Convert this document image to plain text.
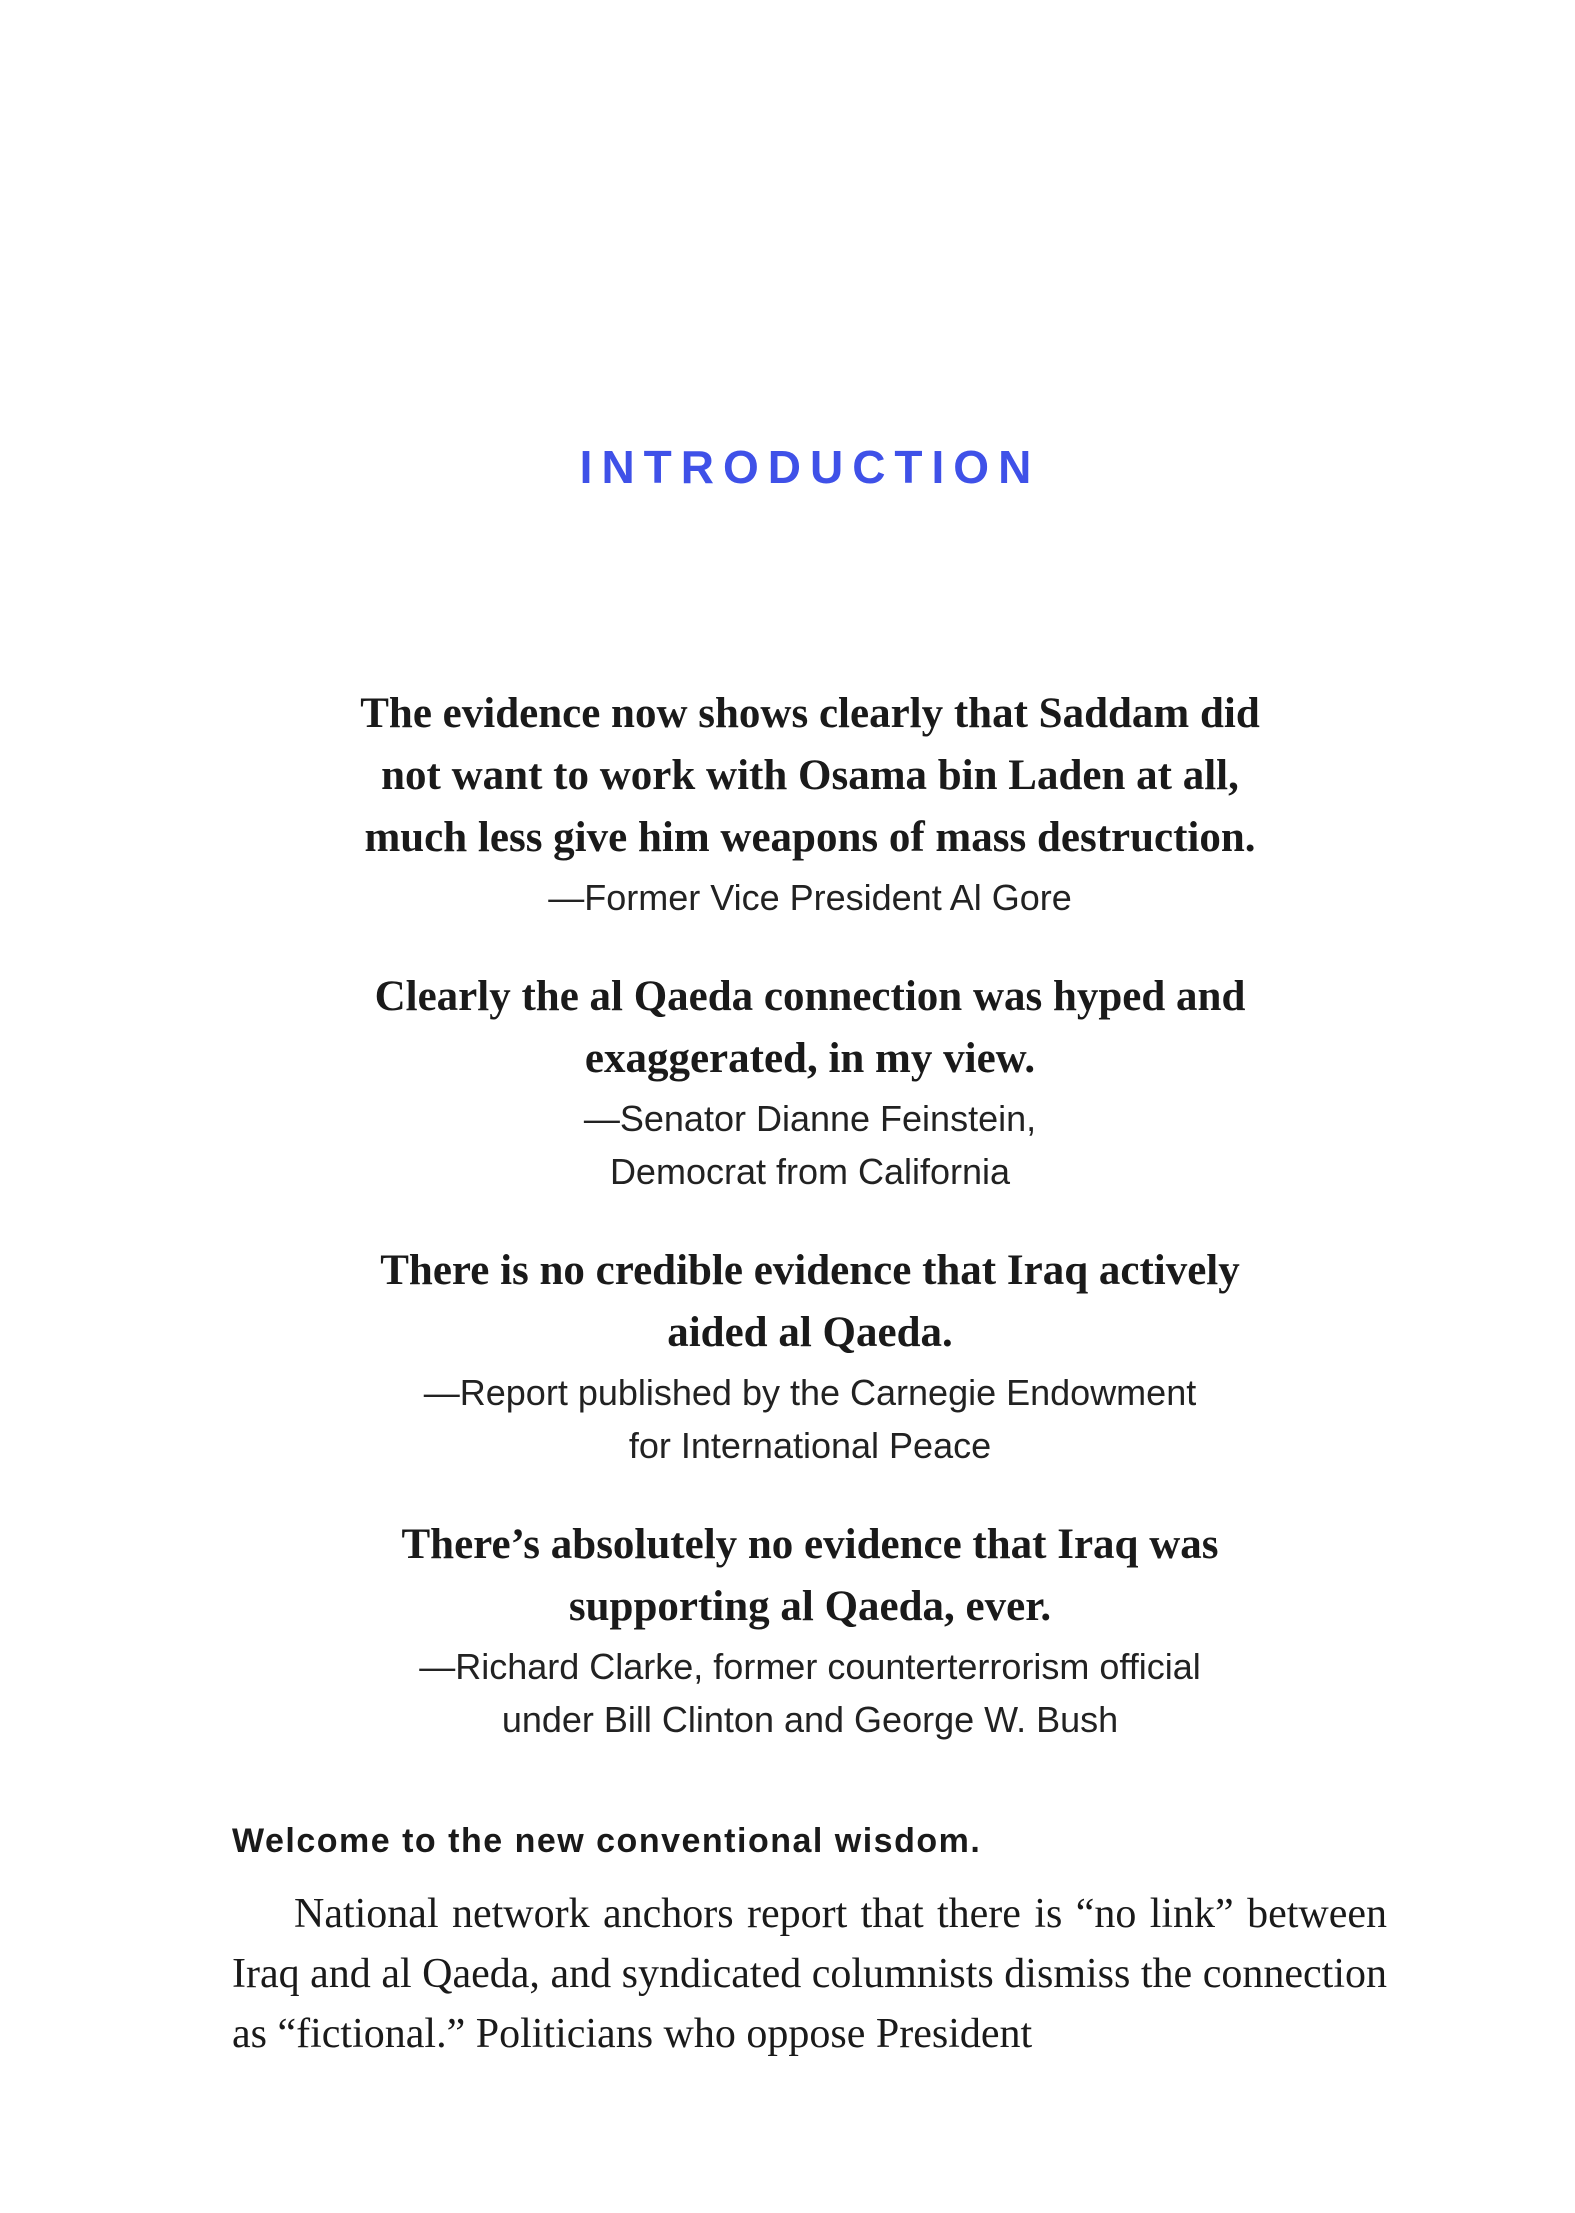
INTRODUCTION

The evidence now shows clearly that Saddam did
not want to work with Osama bin Laden at all,
much less give him weapons of mass destruction.

—Former Vice President Al Gore

Clearly the al Qaeda connection was hyped and
exaggerated, in my view.

—Senator Dianne Feinstein,
Democrat from California

There is no credible evidence that Iraq actively
aided al Qaeda.

—Report published by the Carnegie Endowment
for International Peace

There’s absolutely no evidence that Iraq was
supporting al Qaeda, ever.

—Richard Clarke, former counterterrorism official
under Bill Clinton and George W. Bush

Welcome to the new conventional wisdom.

National network anchors report that there is “no link” between Iraq and al Qaeda, and syndicated columnists dismiss the connection as “fictional.” Politicians who oppose President
